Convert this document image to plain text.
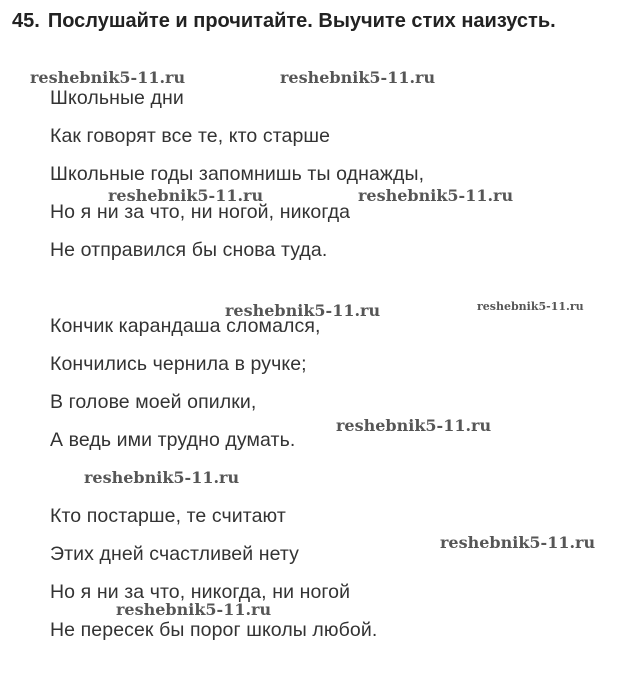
45. Послушайте и прочитайте. Выучите стих наизусть.
Школьные дни
Как говорят все те, кто старше
Школьные годы запомнишь ты однажды,
Но я ни за что, ни ногой, никогда
Не отправился бы снова туда.
Кончик карандаша сломался,
Кончились чернила в ручке;
В голове моей опилки,
А ведь ими трудно думать.
Кто постарше, те считают
Этих дней счастливей нету
Но я ни за что, никогда, ни ногой
Не пересек бы порог школы любой.
reshebnik5-11.ru	reshebnik5-11.ru
reshebnik5-11.ru	reshebnik5-11.ru
reshebnik5-11.ru	reshebnik5-11.ru
reshebnik5-11.ru
reshebnik5-11.ru
reshebnik5-11.ru
reshebnik5-11.ru
